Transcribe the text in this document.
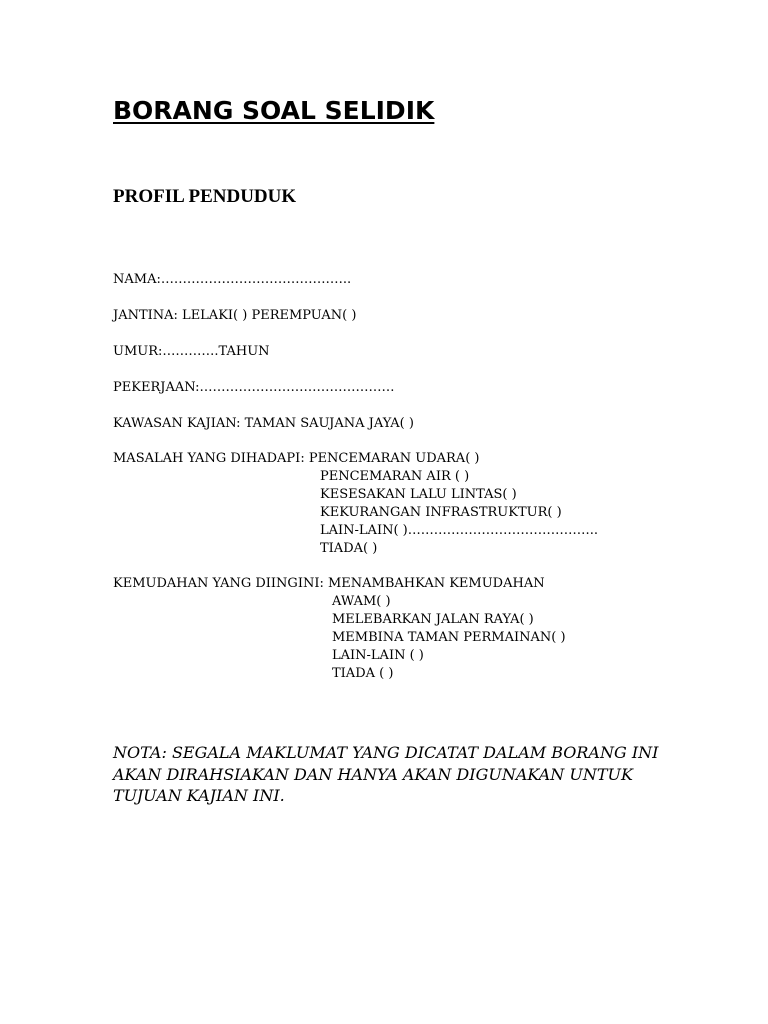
BORANG SOAL SELIDIK
PROFIL PENDUDUK
NAMA:……………………………………..
JANTINA: LELAKI( ) PEREMPUAN( )
UMUR:………….TAHUN
PEKERJAAN:………………………………………
KAWASAN KAJIAN: TAMAN SAUJANA JAYA( )
MASALAH YANG DIHADAPI: PENCEMARAN UDARA( )
PENCEMARAN AIR ( )
KESESAKAN LALU LINTAS( )
KEKURANGAN INFRASTRUKTUR( )
LAIN-LAIN( )……………………………………..
TIADA( )
KEMUDAHAN YANG DIINGINI: MENAMBAHKAN KEMUDAHAN
AWAM( )
MELEBARKAN JALAN RAYA( )
MEMBINA TAMAN PERMAINAN( )
LAIN-LAIN ( )
TIADA ( )
NOTA: SEGALA MAKLUMAT YANG DICATAT DALAM BORANG INI
AKAN DIRAHSIAKAN DAN HANYA AKAN DIGUNAKAN UNTUK
TUJUAN KAJIAN INI.
